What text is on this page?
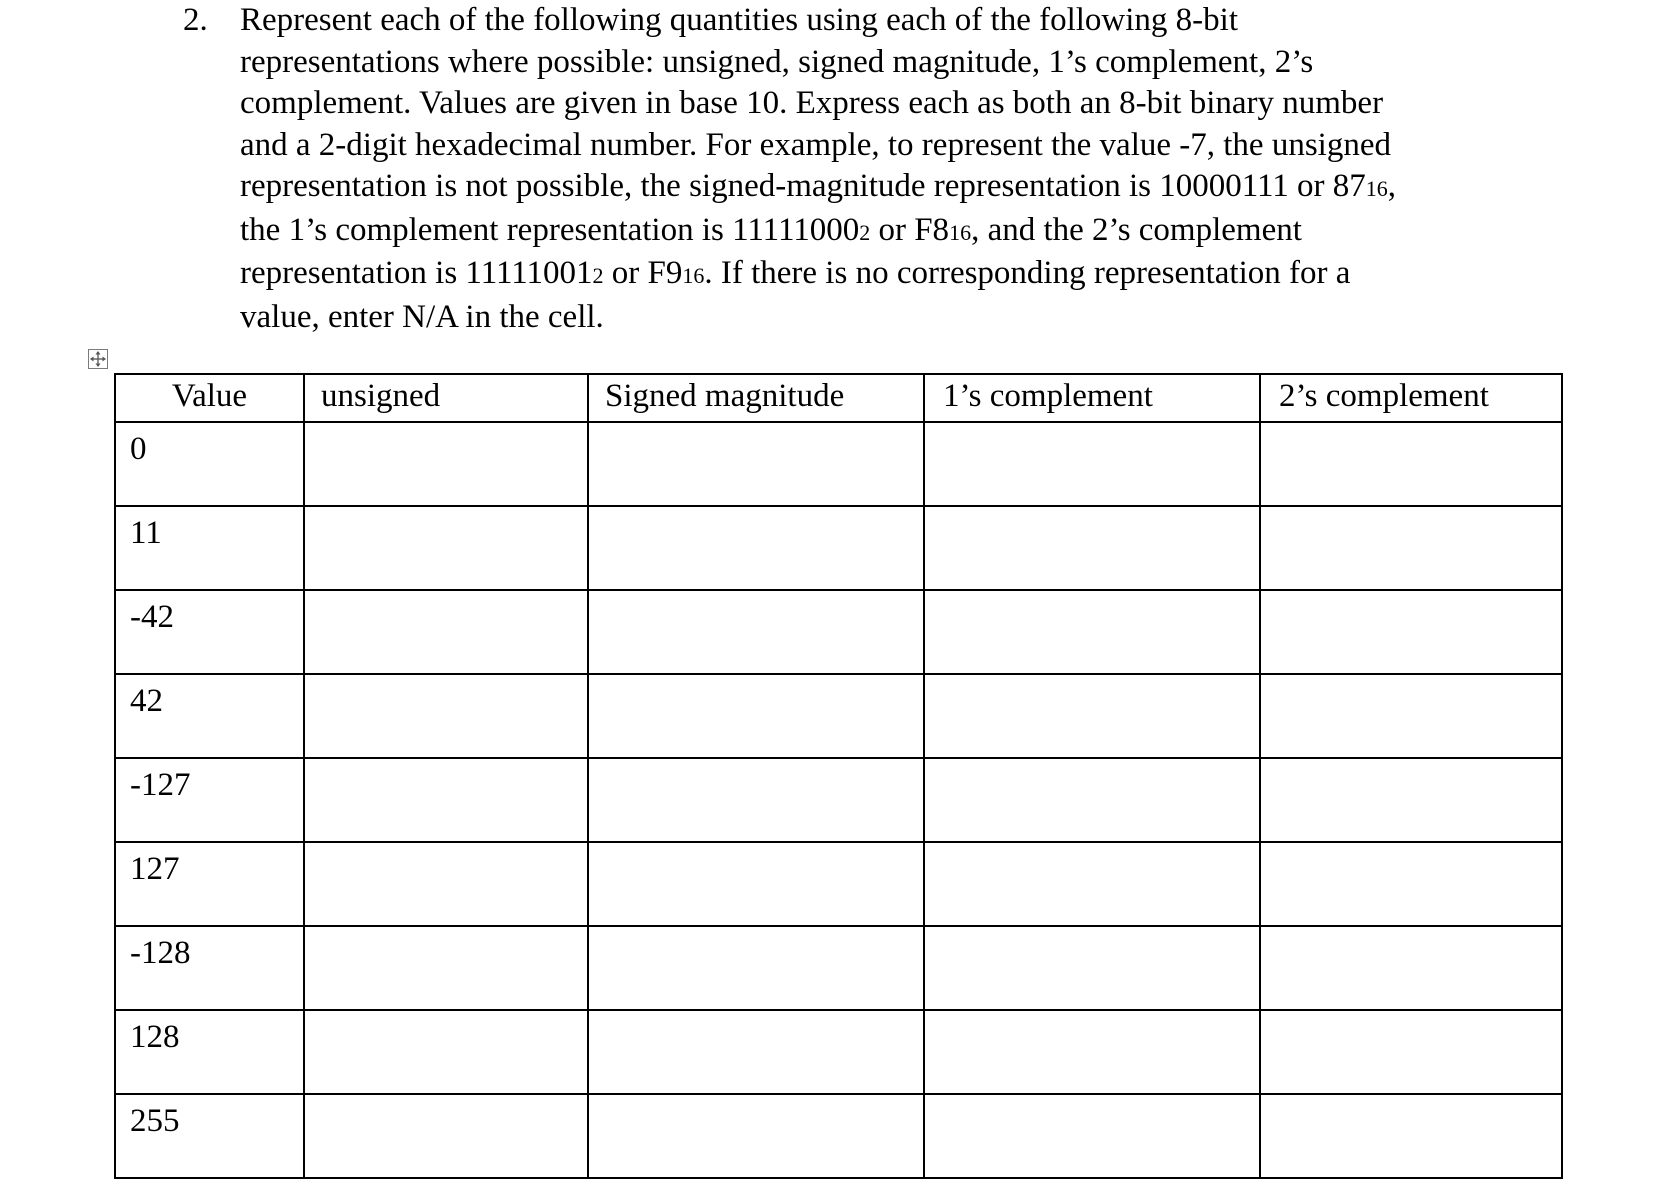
2. Represent each of the following quantities using each of the following 8-bit
representations where possible: unsigned, signed magnitude, 1’s complement, 2’s
complement. Values are given in base 10. Express each as both an 8-bit binary number
and a 2-digit hexadecimal number. For example, to represent the value -7, the unsigned
representation is not possible, the signed-magnitude representation is 10000111 or 8716,
the 1’s complement representation is 111110002 or F816, and the 2’s complement
representation is 111110012 or F916. If there is no corresponding representation for a
value, enter N/A in the cell.
Value	unsigned	Signed magnitude	1’s complement	2’s complement

0				

11				

-42				

42				

-127				

127				

-128				

128				

255				
